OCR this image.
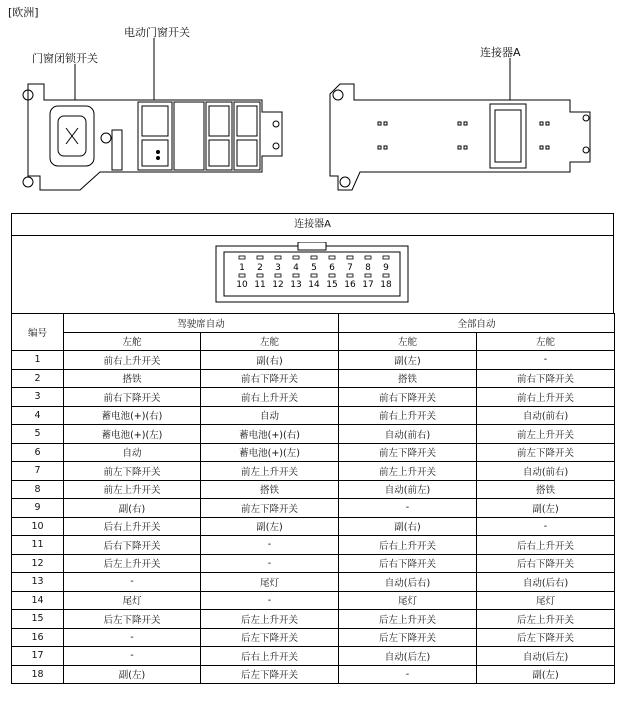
[欧洲]
门窗闭锁开关
电动门窗开关
连接器A
连接器A
1 2 3 4 5 6 7 8 9
10 11 12 13 14 15 16 17 18
编号	驾驶席自动		全部自动	
	左舵	左舵	左舵	左舵
1	前右上升开关	副(右)	副(左)	-
2	搭铁	前右下降开关	搭铁	前右下降开关
3	前右下降开关	前右上升开关	前右下降开关	前右上升开关
4	蓄电池(+)(右)	自动	前右上升开关	自动(前右)
5	蓄电池(+)(左)	蓄电池(+)(右)	自动(前右)	前左上升开关
6	自动	蓄电池(+)(左)	前左下降开关	前左下降开关
7	前左下降开关	前左上升开关	前左上升开关	自动(前右)
8	前左上升开关	搭铁	自动(前左)	搭铁
9	副(右)	前左下降开关	-	副(左)
10	后右上升开关	副(左)	副(右)	-
11	后右下降开关	-	后右上升开关	后右上升开关
12	后左上升开关	-	后右下降开关	后右下降开关
13	-	尾灯	自动(后右)	自动(后右)
14	尾灯	-	尾灯	尾灯
15	后左下降开关	后左上升开关	后左上升开关	后左上升开关
16	-	后左下降开关	后左下降开关	后左下降开关
17	-	后右上升开关	自动(后左)	自动(后左)
18	副(左)	后左下降开关	-	副(左)
